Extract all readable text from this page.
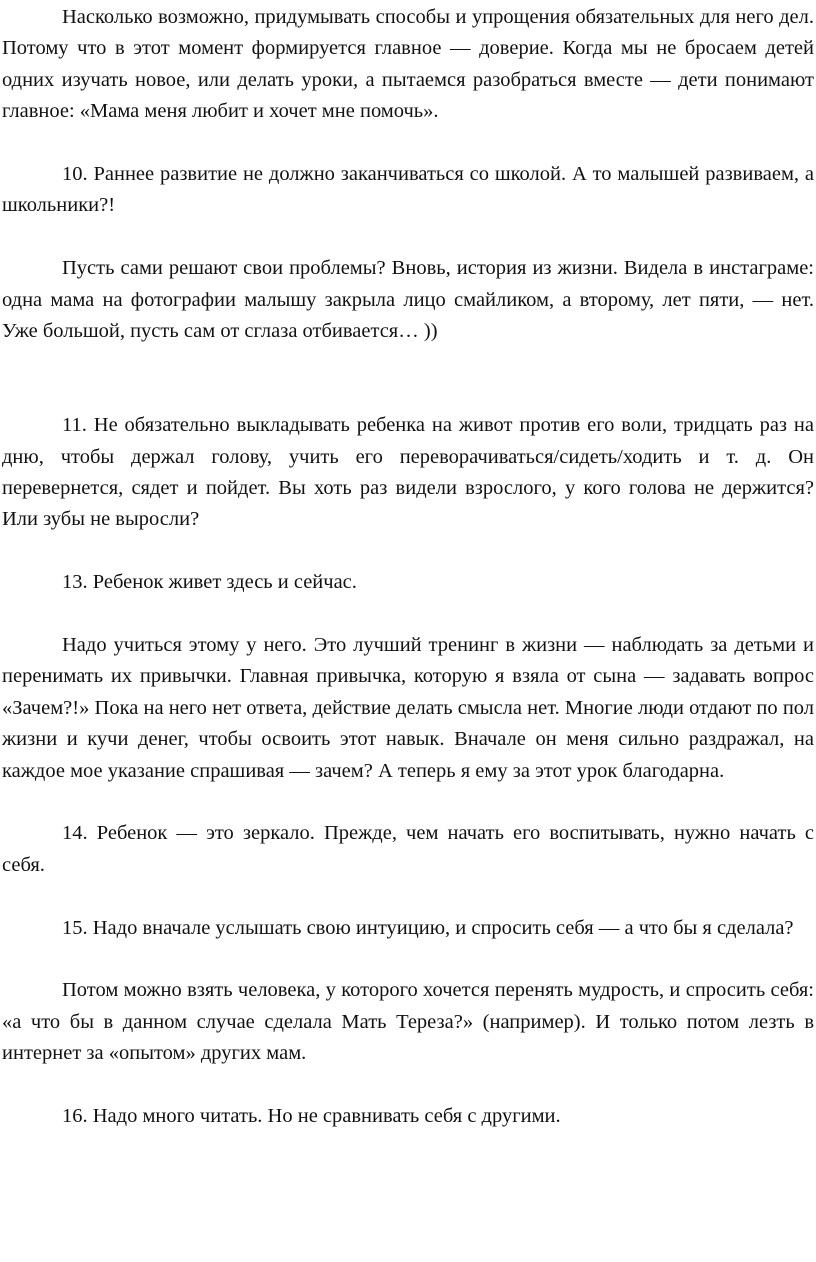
Насколько возможно, придумывать способы и упрощения обязательных для него дел. Потому что в этот момент формируется главное — доверие. Когда мы не бросаем детей одних изучать новое, или делать уроки, а пытаемся разобраться вместе — дети понимают главное: «Мама меня любит и хочет мне помочь».

10. Раннее развитие не должно заканчиваться со школой. А то малышей развиваем, а школьники?!

Пусть сами решают свои проблемы? Вновь, история из жизни. Видела в инстаграме: одна мама на фотографии малышу закрыла лицо смайликом, а второму, лет пяти, — нет. Уже большой, пусть сам от сглаза отбивается… ))

11. Не обязательно выкладывать ребенка на живот против его воли, тридцать раз на дню, чтобы держал голову, учить его переворачиваться/сидеть/ходить и т. д. Он перевернется, сядет и пойдет. Вы хоть раз видели взрослого, у кого голова не держится? Или зубы не выросли?

13. Ребенок живет здесь и сейчас.

Надо учиться этому у него. Это лучший тренинг в жизни — наблюдать за детьми и перенимать их привычки. Главная привычка, которую я взяла от сына — задавать вопрос «Зачем?!» Пока на него нет ответа, действие делать смысла нет. Многие люди отдают по пол жизни и кучи денег, чтобы освоить этот навык. Вначале он меня сильно раздражал, на каждое мое указание спрашивая — зачем? А теперь я ему за этот урок благодарна.

14. Ребенок — это зеркало. Прежде, чем начать его воспитывать, нужно начать с себя.

15. Надо вначале услышать свою интуицию, и спросить себя — а что бы я сделала?

Потом можно взять человека, у которого хочется перенять мудрость, и спросить себя: «а что бы в данном случае сделала Мать Тереза?» (например). И только потом лезть в интернет за «опытом» других мам.

16. Надо много читать. Но не сравнивать себя с другими.
